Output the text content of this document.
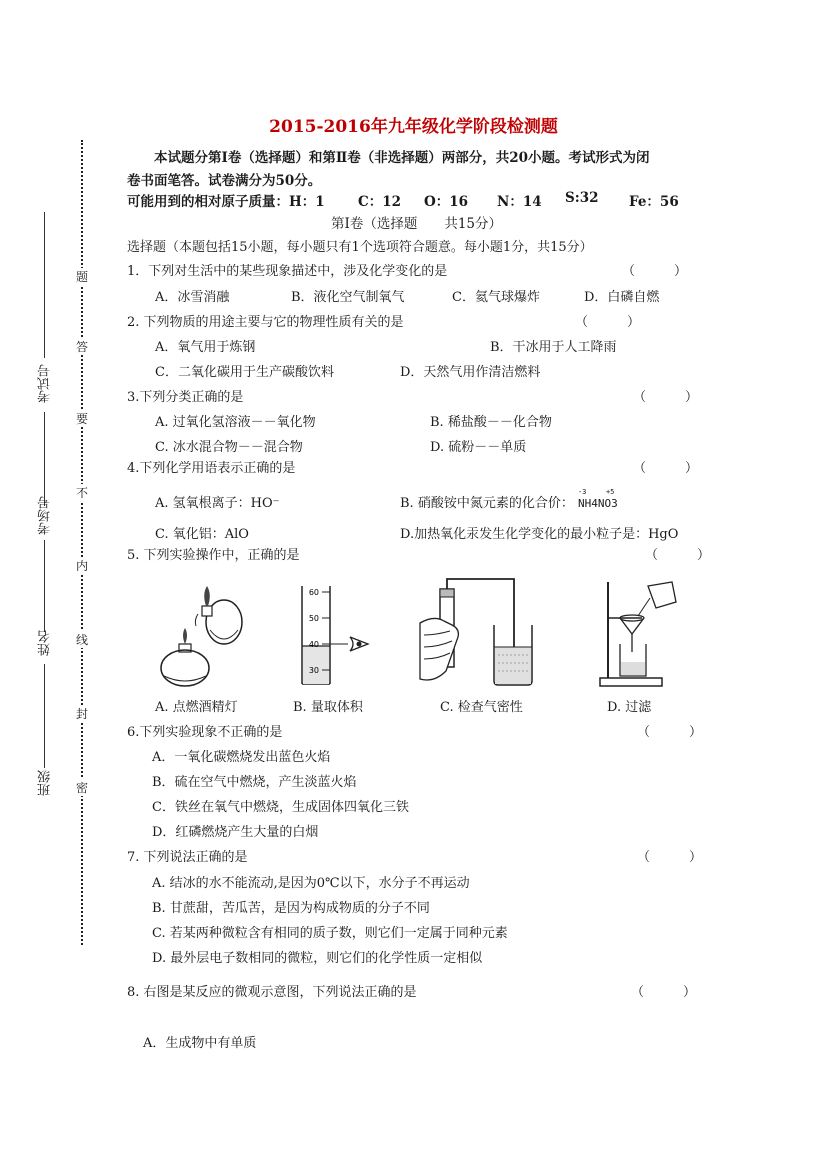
2015-2016年九年级化学阶段检测题
本试题分第Ⅰ卷（选择题）和第Ⅱ卷（非选择题）两部分，共20小题。考试形式为闭
卷书面笔答。试卷满分为50分。
可能用到的相对原子质量：H：1 C：12 O：16 N：14 S:32 Fe：56
第Ⅰ卷（选择题　　共15分）
选择题（本题包括15小题，每小题只有1个选项符合题意。每小题1分，共15分）
考试号
考场号
姓名
班级
题
答
要
不
内
线
封
密
1．下列对生活中的某些现象描述中，涉及化学变化的是	（　　　）
A．冰雪消融	B．液化空气制氧气	C．氦气球爆炸	D．白磷自燃
2. 下列物质的用途主要与它的物理性质有关的是	（　　　）
A．氧气用于炼钢	B．干冰用于人工降雨
C．二氧化碳用于生产碳酸饮料	D．天然气用作清洁燃料
3.下列分类正确的是	（　　　）
A. 过氧化氢溶液－－氧化物	B. 稀盐酸－－化合物
C. 冰水混合物－－混合物	D. 硫粉－－单质
4.下列化学用语表示正确的是	（　　　）
A. 氢氧根离子：HO⁻	B. 硝酸铵中氮元素的化合价：
-3	+5
NH4NO3
C. 氧化铝：AlO	D.加热氧化汞发生化学变化的最小粒子是：HgO
5. 下列实验操作中，正确的是	（　　　）
60
50
40
30
A. 点燃酒精灯	B. 量取体积	C. 检查气密性	D. 过滤
6.下列实验现象不正确的是	（　　　）
A．一氧化碳燃烧发出蓝色火焰
B．硫在空气中燃烧，产生淡蓝火焰
C．铁丝在氧气中燃烧，生成固体四氧化三铁
D．红磷燃烧产生大量的白烟
7. 下列说法正确的是	（　　　）
A. 结冰的水不能流动,是因为0℃以下，水分子不再运动
B. 甘蔗甜，苦瓜苦，是因为构成物质的分子不同
C. 若某两种微粒含有相同的质子数，则它们一定属于同种元素
D. 最外层电子数相同的微粒，则它们的化学性质一定相似
8. 右图是某反应的微观示意图，下列说法正确的是	（　　　）
A．生成物中有单质
